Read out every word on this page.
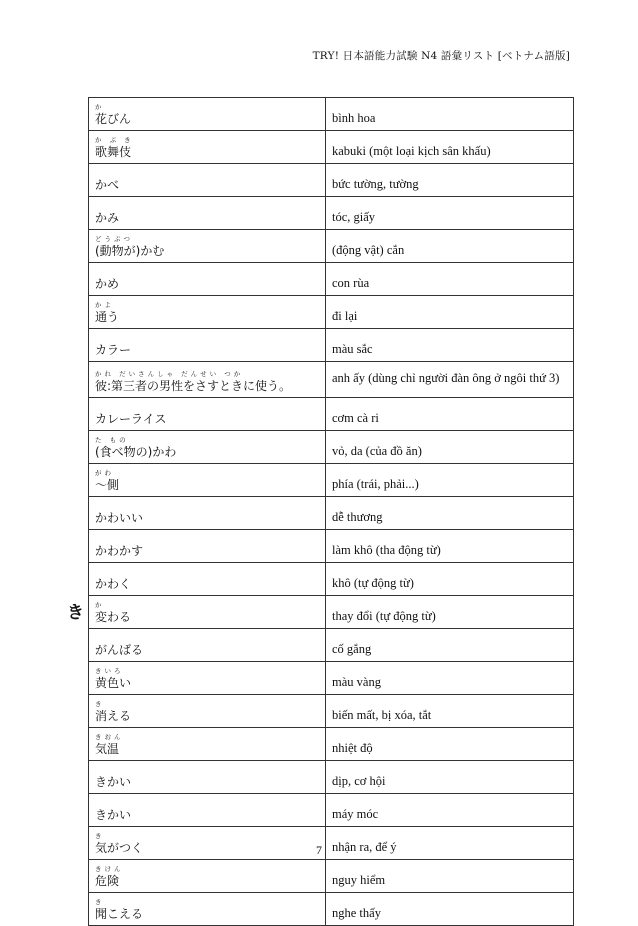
TRY! 日本語能力試験 N4 語彙リスト [ベトナム語版]
き
か
花びん	bình hoa

か ぶ き
歌舞伎	kabuki (một loại kịch sân khấu)

かべ	bức tường, tường

かみ	tóc, giấy

どうぶつ
(動物が)かむ	(động vật) cắn

かめ	con rùa

かよ
通う	đi lại

カラー	màu sắc

かれ だいさんしゃ だんせい つか
彼:第三者の男性をさすときに使う。	anh ấy (dùng chỉ người đàn ông ở ngôi thứ 3)

カレーライス	cơm cà ri

た もの
(食べ物の)かわ	vỏ, da (của đồ ăn)

がわ
～側	phía (trái, phải...)

かわいい	dễ thương

かわかす	làm khô (tha động từ)

かわく	khô (tự động từ)

か
変わる	thay đổi (tự động từ)

がんばる	cố gắng

きいろ
黄色い	màu vàng

き
消える	biến mất, bị xóa, tắt

きおん
気温	nhiệt độ

きかい	dịp, cơ hội

きかい	máy móc

き
気がつく	nhận ra, để ý

きけん
危険	nguy hiểm

き
聞こえる	nghe thấy
7
